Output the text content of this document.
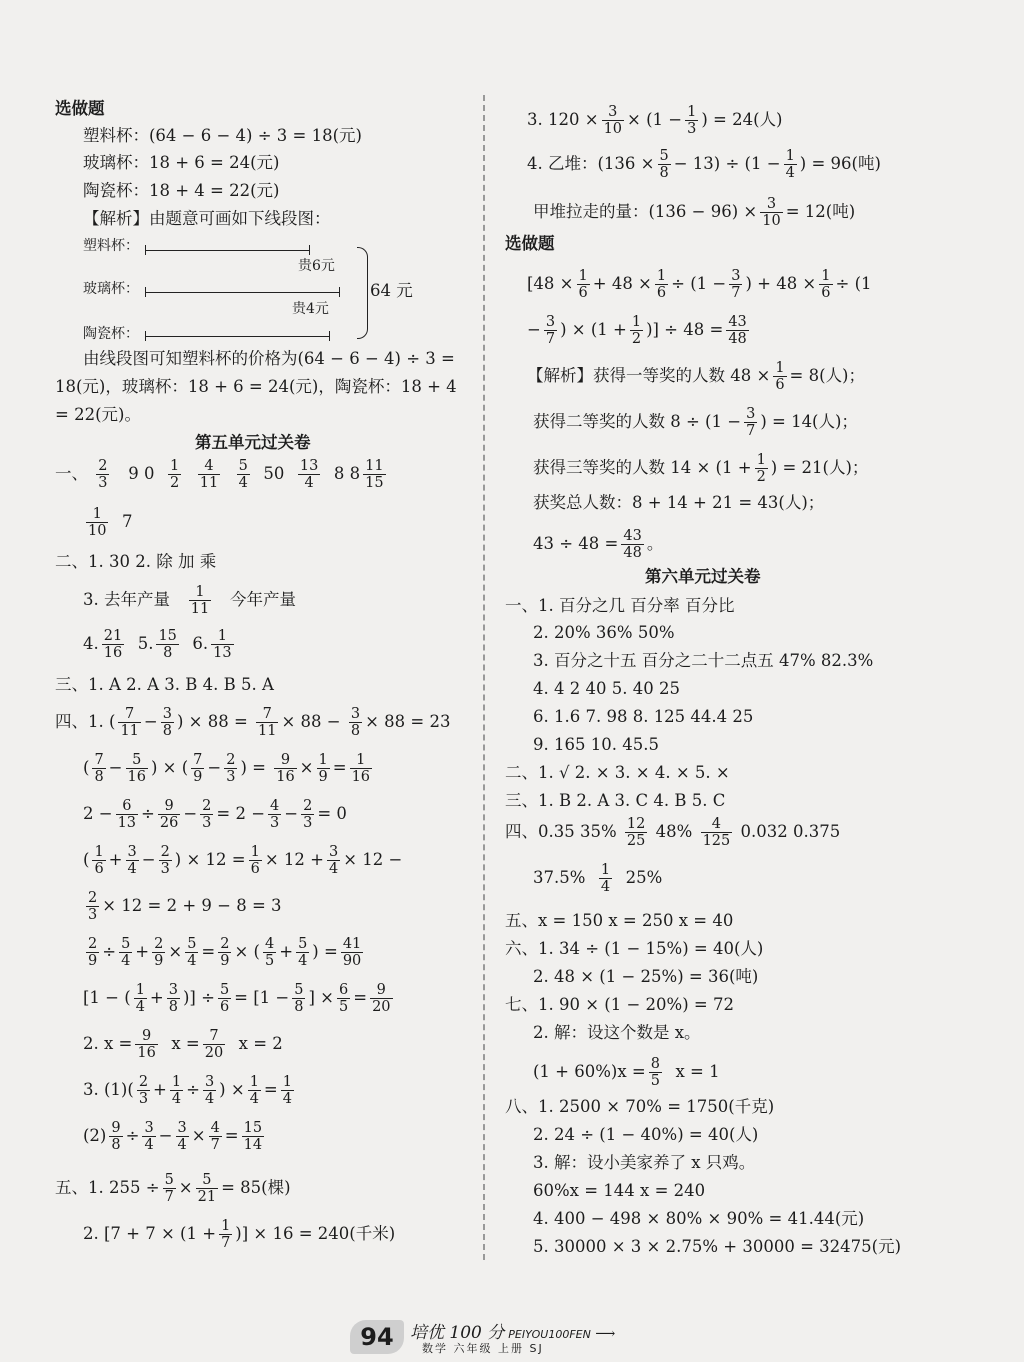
选做题
塑料杯：(64 − 6 − 4) ÷ 3 = 18(元)
玻璃杯：18 + 6 = 24(元)
陶瓷杯：18 + 4 = 22(元)
【解析】由题意可画如下线段图：
塑料杯：
贵6元
玻璃杯：
贵4元
陶瓷杯：
64 元
由线段图可知塑料杯的价格为(64 − 6 − 4) ÷ 3 =
18(元)，玻璃杯：18 + 6 = 24(元)，陶瓷杯：18 + 4
= 22(元)。
第五单元过关卷
一、 $\frac{2}{3} 9$ $0 \frac{1}{2}$
$\frac{4}{11}$
$\frac{5}{4} 50 \frac{13}{4} 8$ $8 \frac{11}{15}$
$\frac{1}{10} 7$
二、1. 30 2. 除 加 乘
3. 去年产量 $\frac{1}{11}$ 今年产量
4. $\frac{21}{16} 5$. $\frac{15}{8} 6$. $\frac{1}{13}$
三、1. A 2. A 3. B 4. B 5. A
四、1. ( $\frac{7}{11} - \frac{3}{8}$ ) × $88 = \frac{7}{11} \times 88 - \frac{3}{8} \times 88 = 23$
( $\frac{7}{8} - \frac{5}{16}$ ) × ( $\frac{7}{9} - \frac{2}{3}$ ) = $\frac{9}{16} \times \frac{1}{9} = \frac{1}{16}$
$2 - \frac{6}{13} \div \frac{9}{26} - \frac{2}{3} = 2 - \frac{4}{3} - \frac{2}{3} = 0$
( $\frac{1}{6} + \frac{3}{4} - \frac{2}{3}$ ) × $12 = \frac{1}{6} \times 12 + \frac{3}{4} \times 12$ −
$\frac{2}{3} \times 12 = 2 + 9 - 8 = 3$
$\frac{2}{9} \div \frac{5}{4} + \frac{2}{9} \times \frac{5}{4} = \frac{2}{9}$ × ( $\frac{4}{5} + \frac{5}{4}$ ) = $\frac{41}{90}$
[1 − ( $\frac{1}{4} + \frac{3}{8}$ )] ÷ $\frac{5}{6} = [1 - \frac{5}{8}$ ] × $\frac{6}{5} = \frac{9}{20}$
2. $x = \frac{9}{16}$ $x = \frac{7}{20}$ x = 2
3. $(1)( \frac{2}{3} + \frac{1}{4} \div \frac{3}{4}$ ) × $\frac{1}{4} = \frac{1}{4}$
$(2) \frac{9}{8} \div \frac{3}{4} - \frac{3}{4} \times \frac{4}{7} = \frac{15}{14}$
五、1. $255 \div \frac{5}{7} \times \frac{5}{21} = 85$(棵)
2. [$7 + 7 \times (1 + \frac{1}{7}$ )] × 16 = 240(千米)
3. $120 \times \frac{3}{10} \times (1 - \frac{1}{3}$ ) = 24(人)
4. 乙堆：$(136 \times \frac{5}{8} - 13) \div (1 - \frac{1}{4}$ ) = 96(吨)
甲堆拉走的量：$(136 - 96) \times \frac{3}{10} = 12$(吨)
选做题
[$48 \times \frac{1}{6} + 48 \times \frac{1}{6} \div (1 - \frac{3}{7}$ ) + $48 \times \frac{1}{6} \div (1$
− $\frac{3}{7}$ ) × ($1 + \frac{1}{2}$ )] ÷ $48 = \frac{43}{48}$
【解析】获得一等奖的人数 $48 \times \frac{1}{6} = 8$(人)；
获得二等奖的人数 $8 \div (1 - \frac{3}{7}$ ) = 14(人)；
获得三等奖的人数 $14 \times (1 + \frac{1}{2}$ ) = 21(人)；
获奖总人数：8 + 14 + 21 = 43(人)；
$43 \div 48 = \frac{43}{48}$ 。
第六单元过关卷
一、1. 百分之几 百分率 百分比
2. 20% 36% 50%
3. 百分之十五 百分之二十二点五 47% 82.3%
4. 4 2 40 5. 40 25
6. 1.6 7. 98 8. 125 44.4 25
9. 165 10. 45.5
二、1. √ 2. × 3. × 4. × 5. ×
三、1. B 2. A 3. C 4. B 5. C
四、0.35 $35\% \frac{12}{25} 48\% \frac{4}{125} 0.032$ 0.375
$37.5\% \frac{1}{4} 25\%$
五、x = 150 x = 250 x = 40
六、1. 34 ÷ (1 − 15%) = 40(人)
2. 48 × (1 − 25%) = 36(吨)
七、1. 90 × (1 − 20%) = 72
2. 解：设这个数是 x。
$(1 + 60\%)x = \frac{8}{5}$ x = 1
八、1. 2500 × 70% = 1750(千克)
2. 24 ÷ (1 − 40%) = 40(人)
3. 解：设小美家养了 x 只鸡。
60%x = 144 x = 240
4. 400 − 498 × 80% × 90% = 41.44(元)
5. 30000 × 3 × 2.75% + 30000 = 32475(元)
94 培优 100 分 PEIYOU100FEN ⟶
数学 六年级 上册 SJ
